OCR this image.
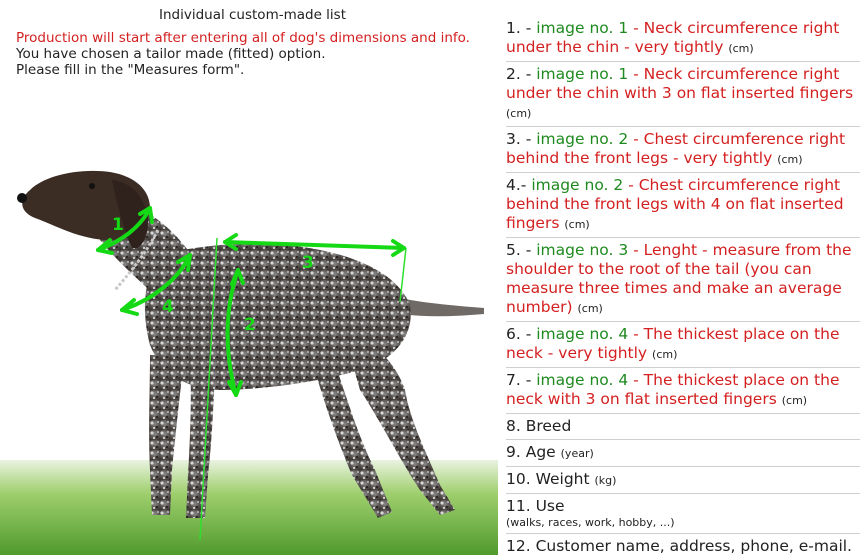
Individual custom-made list
Production will start after entering all of dog's dimensions and info.
You have chosen a tailor made (fitted) option.
Please fill in the "Measures form".
1
2
3
4
1. - image no. 1 - Neck circumference right under the chin - very tightly (cm)
2. - image no. 1 - Neck circumference right under the chin with 3 on flat inserted fingers (cm)
3. - image no. 2 - Chest circumference right behind the front legs - very tightly (cm)
4.- image no. 2 - Chest circumference right behind the front legs with 4 on flat inserted fingers (cm)
5. - image no. 3 - Lenght - measure from the shoulder to the root of the tail (you can measure three times and make an average number) (cm)
6. - image no. 4 - The thickest place on the neck - very tightly (cm)
7. - image no. 4 - The thickest place on the neck with 3 on flat inserted fingers (cm)
8. Breed
9. Age (year)
10. Weight (kg)
11. Use
(walks, races, work, hobby, ...)
12. Customer name, address, phone, e-mail.
